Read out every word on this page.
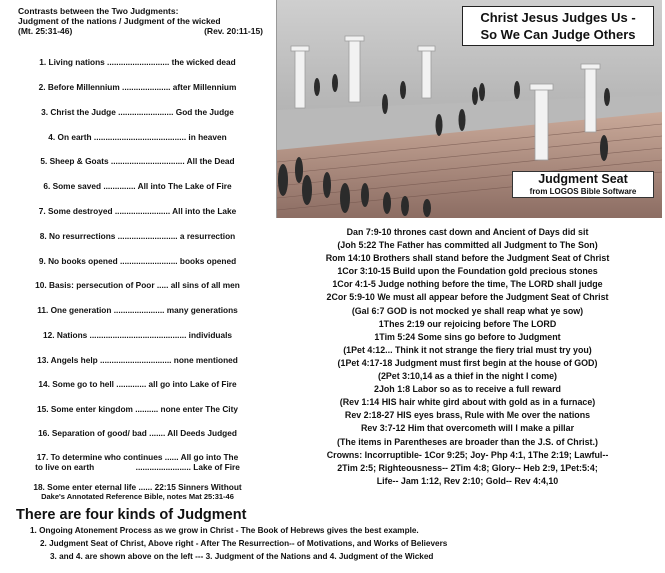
Contrasts between the Two Judgments:
Judgment of the nations / Judgment of the wicked
(Mt. 25:31-46)	(Rev. 20:11-15)
1. Living nations ........................... the wicked dead
2. Before Millennium ..................... after Millennium
3. Christ the Judge ........................ God the Judge
4. On earth ........................................ in heaven
5. Sheep & Goats ................................ All the Dead
6. Some saved .............. All into The Lake of Fire
7. Some destroyed ........................ All into the Lake
8. No resurrections .......................... a resurrection
9. No books opened ......................... books opened
10. Basis: persecution of Poor ..... all sins of all men
11. One generation ...................... many generations
12. Nations .......................................... individuals
13. Angels help ............................... none mentioned
14. Some go to hell ............. all go into Lake of Fire
15. Some enter kingdom .......... none enter The City
16. Separation of good/ bad ....... All Deeds Judged
17. To determine who continues ...... All go into The
to live on earth                  ........................ Lake of Fire
18. Some enter eternal life ...... 22:15 Sinners Without
Dake's Annotated Reference Bible, notes Mat 25:31-46
Christ Jesus Judges Us -
So We Can Judge Others
Judgment Seat
from LOGOS Bible Software
Dan 7:9-10 thrones cast down and Ancient of Days did sit
(Joh 5:22 The Father has committed all Judgment to The Son)
Rom 14:10 Brothers shall stand before the Judgment Seat of Christ
1Cor 3:10-15 Build upon the Foundation gold precious stones
1Cor 4:1-5 Judge nothing before the time, The LORD shall judge
2Cor 5:9-10 We must all appear before the Judgment Seat of Christ
(Gal 6:7 GOD is not mocked ye shall reap what ye sow)
1Thes 2:19 our rejoicing before The LORD
1Tim 5:24 Some sins go before to Judgment
(1Pet 4:12... Think it not strange the fiery trial must try you)
(1Pet 4:17-18 Judgment must first begin at the house of GOD)
(2Pet 3:10,14 as a thief in the night I come)
2Joh 1:8 Labor so as to receive a full reward
(Rev 1:14 HIS hair white gird about with gold as in a furnace)
Rev 2:18-27 HIS eyes brass, Rule with Me over the nations
Rev 3:7-12 Him that overcometh will I make a pillar
(The items in Parentheses are broader than the J.S. of Christ.)
Crowns: Incorruptible- 1Cor 9:25; Joy- Php 4:1, 1The 2:19; Lawful--
2Tim 2:5; Righteousness-- 2Tim 4:8; Glory-- Heb 2:9, 1Pet:5:4;
Life-- Jam 1:12, Rev 2:10; Gold-- Rev 4:4,10
There are four kinds of Judgment
1. Ongoing Atonement Process as we grow in Christ - The Book of Hebrews gives the best example.
2. Judgment Seat of Christ, Above right - After The Resurrection-- of Motivations, and Works of Believers
3. and 4. are shown above on the left --- 3. Judgment of the Nations and 4. Judgment of the Wicked
